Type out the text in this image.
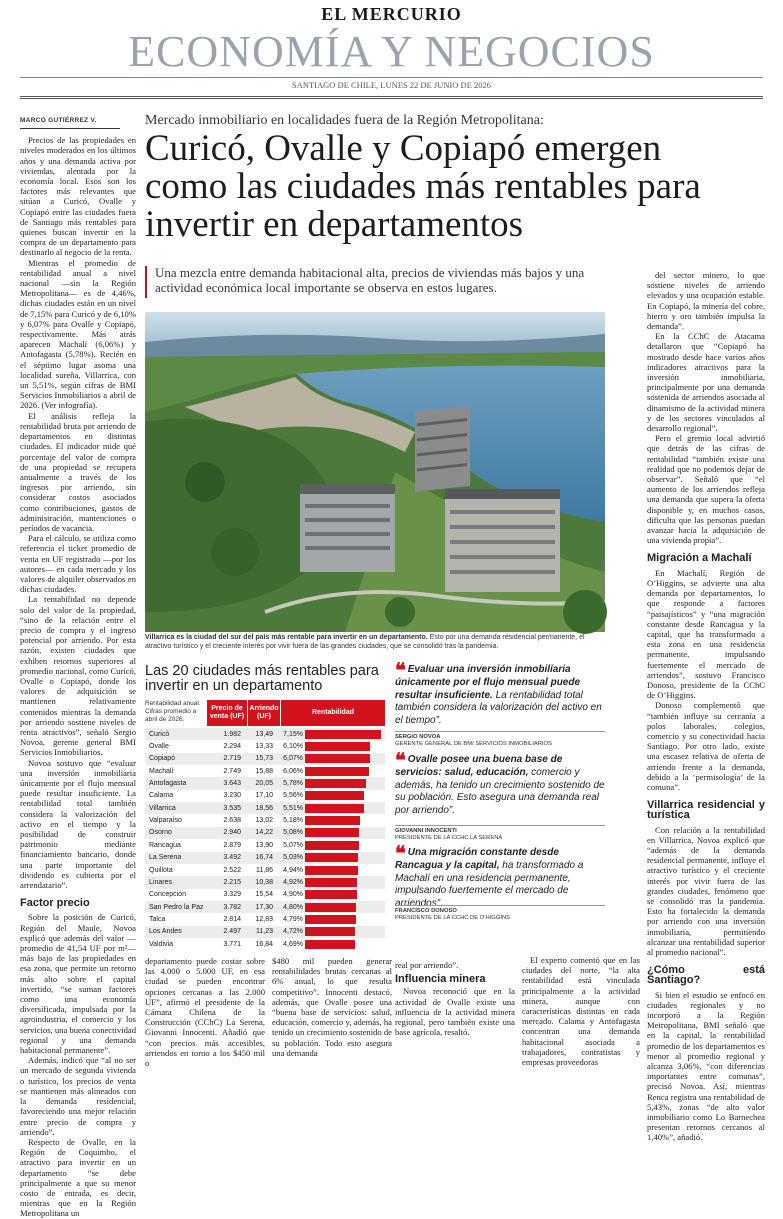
EL MERCURIO
ECONOMÍA Y NEGOCIOS
SANTIAGO DE CHILE, LUNES 22 DE JUNIO DE 2026
MARCO GUTIÉRREZ V.

Precios de las propiedades en niveles moderados en los últimos años y una demanda activa por viviendas, alentada por la economía local. Esos son los factores más relevantes que sitúan a Curicó, Ovalle y Copiapó entre las ciudades fuera de Santiago más rentables para quienes buscan invertir en la compra de un departamento para destinarlo al negocio de la renta.

Mientras el promedio de rentabilidad anual a nivel nacional —sin la Región Metropolitana— es de 4,46%, dichas ciudades están en un nivel de 7,15% para Curicó y de 6,10% y 6,07% para Ovalle y Copiapó, respectivamente. Más atrás aparecen Machalí (6,06%) y Antofagasta (5,78%). Recién en el séptimo lugar asoma una localidad sureña, Villarrica, con un 5,51%, según cifras de BMI Servicios Inmobiliarios a abril de 2026. (Ver infografía).

El análisis refleja la rentabilidad bruta por arriendo de departamentos en distintas ciudades. El indicador mide qué porcentaje del valor de compra de una propiedad se recupera anualmente a través de los ingresos por arriendo, sin considerar costos asociados como contribuciones, gastos de administración, mantenciones o períodos de vacancia.

Para el cálculo, se utiliza como referencia el ticket promedio de venta en UF registrado —por los autores— en cada mercado y los valores de alquiler observados en dichas ciudades.

La rentabilidad no depende solo del valor de la propiedad, “sino de la relación entre el precio de compra y el ingreso potencial por arriendo. Por esta razón, existen ciudades que exhiben retornos superiores al promedio nacional, como Curicó, Ovalle o Copiapó, donde los valores de adquisición se mantienen relativamente contenidos mientras la demanda por arriendo sostiene niveles de renta atractivos”, señaló Sergio Novoa, gerente general BMI Servicios Inmobiliarios.

Novoa sostuvo que “evaluar una inversión inmobiliaria únicamente por el flujo mensual puede resultar insuficiente. La rentabilidad total también considera la valorización del activo en el tiempo y la posibilidad de construir patrimonio mediante financiamiento bancario, donde una parte importante del dividendo es cubierta por el arrendatario”.

Factor precio

Sobre la posición de Curicó, Región del Maule, Novoa explicó que además del valor —promedio de 41,54 UF por m²— más bajo de las propiedades en esa zona, que permite un retorno más alto sobre el capital invertido, “se suman factores como una economía diversificada, impulsada por la agroindustria, el comercio y los servicios, una buena conectividad regional y una demanda habitacional permanente”.

Además, indicó que “al no ser un mercado de segunda vivienda o turístico, los precios de venta se mantienen más alineados con la demanda residencial, favoreciendo una mejor relación entre precio de compra y arriendo”.

Respecto de Ovalle, en la Región de Coquimbo, el atractivo para invertir en un departamento “se debe principalmente a que su menor costo de entrada, es decir, mientras que en la Región Metropolitana un

Mercado inmobiliario en localidades fuera de la Región Metropolitana:
Curicó, Ovalle y Copiapó emergen como las ciudades más rentables para invertir en departamentos
Una mezcla entre demanda habitacional alta, precios de viviendas más bajos y una actividad económica local importante se observa en estos lugares.
ALEX CUMBRES
Villarrica es la ciudad del sur del país más rentable para invertir en un departamento. Esto por una demanda residencial permanente, el atractivo turístico y el creciente interés por vivir fuera de las grandes ciudades, que se consolidó tras la pandemia.
Las 20 ciudades más rentables para invertir en un departamento
Rentabilidad anual. Cifras promedio a abril de 2026.
Precio de venta (UF)
Arriendo (UF)
Rentabilidad
Curicó	1.982	13,49	7,15%
Ovalle	2.294	13,33	6,10%
Copiapó	2.719	15,73	6,07%
Machalí	2.749	15,88	6,06%
Antofagasta	3.643	20,05	5,78%
Calama	3.230	17,10	5,56%
Villarrica	3.535	18,56	5,51%
Valparaíso	2.638	13,02	5,18%
Osorno	2.940	14,22	5,08%
Rancagua	2.879	13,90	5,07%
La Serena	3.492	16,74	5,03%
Quillota	2.522	11,86	4,94%
Linares	2.215	10,38	4,92%
Concepción	3.329	15,54	4,90%
San Pedro la Paz	3.782	17,30	4,80%
Talca	2.814	12,83	4,79%
Los Andes	2.497	11,23	4,72%
Valdivia	3.771	16,84	4,69%
❝ Evaluar una inversión inmobiliaria únicamente por el flujo mensual puede resultar insuficiente. La rentabilidad total también considera la valorización del activo en el tiempo”.
SERGIO NOVOA
GERENTE GENERAL DE BMI SERVICIOS INMOBILIARIOS
❝ Ovalle posee una buena base de servicios: salud, educación, comercio y además, ha tenido un crecimiento sostenido de su población. Esto asegura una demanda real por arriendo”.
GIOVANNI INNOCENTI
PRESIDENTE DE LA CCHC LA SERENA
❝ Una migración constante desde Rancagua y la capital, ha transformado a Machalí en una residencia permanente, impulsando fuertemente el mercado de arriendos”.
FRANCISCO DONOSO
PRESIDENTE DE LA CCHC DE O’HIGGINS

departamento puede costar sobre las 4.000 o 5.000 UF, en esa ciudad se pueden encontrar opciones cercanas a las 2.000 UF”, afirmó el presidente de la Cámara Chilena de la Construcción (CChC) La Serena, Giovanni Innocenti. Añadió que “con precios más accesibles, arriendos en torno a los $450 mil o

$480 mil pueden generar rentabilidades brutas cercanas al 6% anual, lo que resulta competitivo”. Innocenti destacó, además, que Ovalle posee una “buena base de servicios: salud, educación, comercio y, además, ha tenido un crecimiento sostenido de su población. Todo esto asegura una demanda

real por arriendo”.

Influencia minera

Novoa reconoció que en la actividad de Ovalle existe una influencia de la actividad minera regional, pero también existe una base agrícola, resaltó.

El experto comentó que en las ciudades del norte, “la alta rentabilidad está vinculada principalmente a la actividad minera, aunque con características distintas en cada mercado. Calama y Antofagasta concentran una demanda habitacional asociada a trabajadores, contratistas y empresas proveedoras

del sector minero, lo que sostiene niveles de arriendo elevados y una ocupación estable. En Copiapó, la minería del cobre, hierro y oro también impulsa la demanda”.

En la CChC de Atacama detallaron que “Copiapó ha mostrado desde hace varios años indicadores atractivos para la inversión inmobiliaria, principalmente por una demanda sostenida de arriendos asociada al dinamismo de la actividad minera y de los sectores vinculados al desarrollo regional”.

Pero el gremio local advirtió que detrás de las cifras de rentabilidad “también existe una realidad que no podemos dejar de observar”. Señaló que “el aumento de los arriendos refleja una demanda que supera la oferta disponible y, en muchos casos, dificulta que las personas puedan avanzar hacia la adquisición de una vivienda propia”.

Migración a Machalí

En Machalí, Región de O’Higgins, se advierte una alta demanda por departamentos, lo que responde a factores “paisajísticos” y “una migración constante desde Rancagua y la capital, que ha transformado a esta zona en una residencia permanente, impulsando fuertemente el mercado de arriendos”, sostuvo Francisco Donoso, presidente de la CChC de O’Higgins.

Donoso complementó que “también influye su cercanía a polos laborales, colegios, comercio y su conectividad hacia Santiago. Por otro lado, existe una escasez relativa de oferta de arriendo frente a la demanda, debido a la ‘permisología’ de la comuna”.

Villarrica residencial y turística

Con relación a la rentabilidad en Villarrica, Novoa explicó que “además de la demanda residencial permanente, influye el atractivo turístico y el creciente interés por vivir fuera de las grandes ciudades, fenómeno que se consolidó tras la pandemia. Esto ha fortalecido la demanda por arriendo con una inversión inmobiliaria, permitiendo alcanzar una rentabilidad superior al promedio nacional”.

¿Cómo está Santiago?

Si bien el estudio se enfocó en ciudades regionales y no incorporó a la Región Metropolitana, BMI señaló que en la capital, la rentabilidad promedio de los departamentos es menor al promedio regional y alcanza 3,06%, “con diferencias importantes entre comunas”, precisó Novoa. Así, mientras Renca registra una rentabilidad de 5,43%, zonas “de alto valor inmobiliario como Lo Barnechea presentan retornos cercanos al 1,40%”, añadió.
